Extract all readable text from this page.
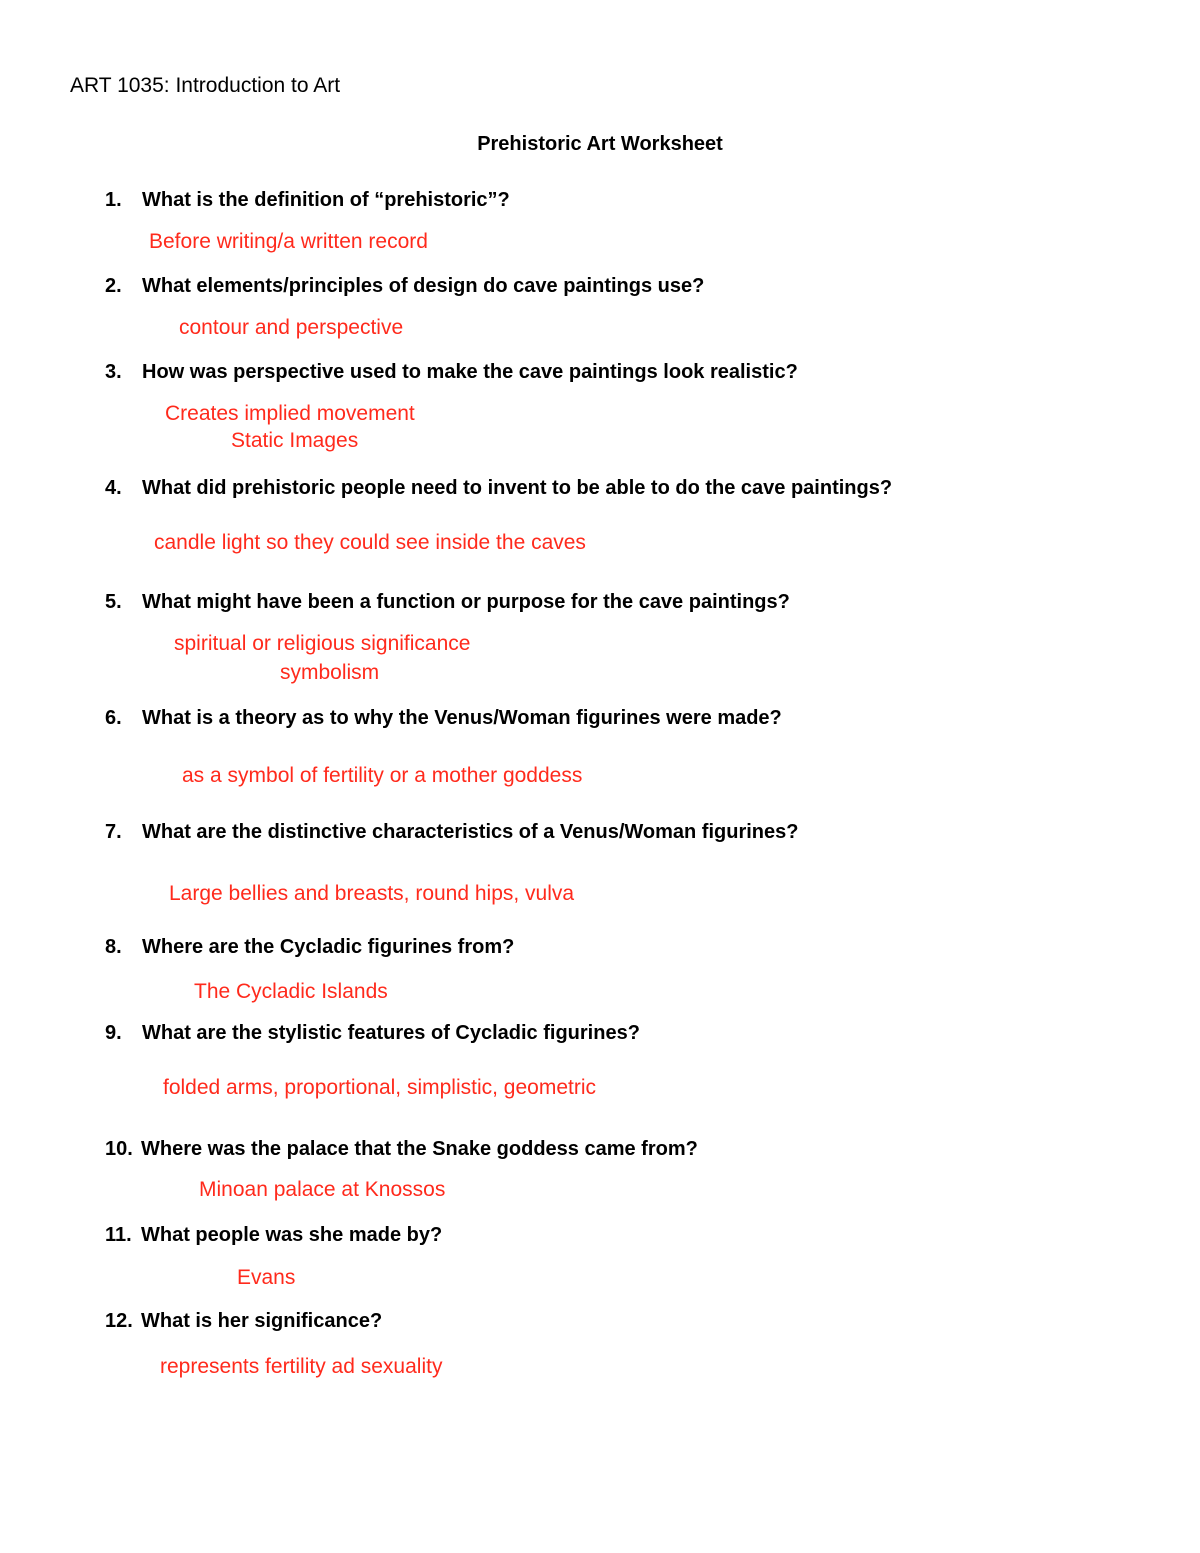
ART 1035: Introduction to Art
Prehistoric Art Worksheet
1. What is the definition of “prehistoric”?
Before writing/a written record
2. What elements/principles of design do cave paintings use?
contour and perspective
3. How was perspective used to make the cave paintings look realistic?
Creates implied movement
Static Images
4. What did prehistoric people need to invent to be able to do the cave paintings?
candle light so they could see inside the caves
5. What might have been a function or purpose for the cave paintings?
spiritual or religious significance
symbolism
6. What is a theory as to why the Venus/Woman figurines were made?
as a symbol of fertility or a mother goddess
7. What are the distinctive characteristics of a Venus/Woman figurines?
Large bellies and breasts, round hips, vulva
8. Where are the Cycladic figurines from?
The Cycladic Islands
9. What are the stylistic features of Cycladic figurines?
folded arms, proportional, simplistic, geometric
10. Where was the palace that the Snake goddess came from?
Minoan palace at Knossos
11. What people was she made by?
Evans
12. What is her significance?
represents fertility ad sexuality
